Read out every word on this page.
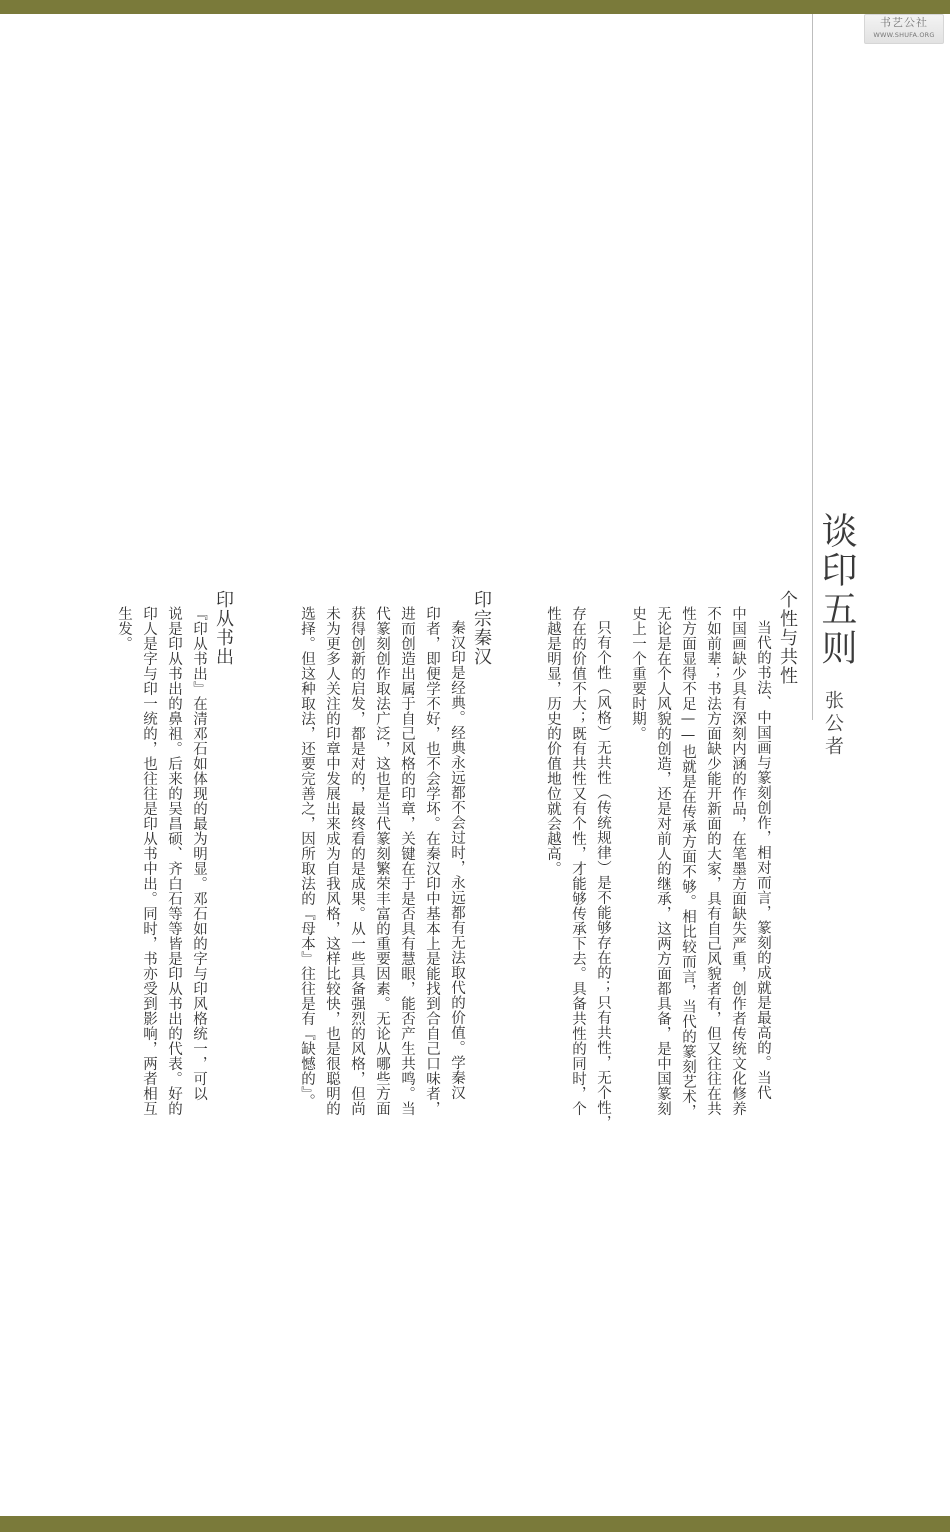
书艺公社
WWW.SHUFA.ORG
谈印五则
张公者
个性与共性

当代的书法、中国画与篆刻创作，相对而言，篆刻的成就是最高的。当代

中国画缺少具有深刻内涵的作品，在笔墨方面缺失严重，创作者传统文化修养

不如前辈；书法方面缺少能开新面的大家，具有自己风貌者有，但又往往在共

性方面显得不足——也就是在传承方面不够。相比较而言，当代的篆刻艺术，

无论是在个人风貌的创造，还是对前人的继承，这两方面都具备，是中国篆刻

史上一个重要时期。

只有个性（风格）无共性（传统规律）是不能够存在的；只有共性，无个性，

存在的价值不大；既有共性又有个性，才能够传承下去。具备共性的同时，个

性越是明显，历史的价值地位就会越高。

印宗秦汉

秦汉印是经典。经典永远都不会过时，永远都有无法取代的价值。学秦汉

印者，即便学不好，也不会学坏。在秦汉印中基本上是能找到合自己口味者，

进而创造出属于自己风格的印章，关键在于是否具有慧眼，能否产生共鸣。当

代篆刻创作取法广泛，这也是当代篆刻繁荣丰富的重要因素。无论从哪些方面

获得创新的启发，都是对的，最终看的是成果。从一些具备强烈的风格，但尚

未为更多人关注的印章中发展出来成为自我风格，这样比较快，也是很聪明的

选择。但这种取法，还要完善之，因所取法的『母本』往往是有『缺憾的』。

印从书出

『印从书出』在清邓石如体现的最为明显。邓石如的字与印风格统一，可以

说是印从书出的鼻祖。后来的吴昌硕、齐白石等等皆是印从书出的代表。好的

印人是字与印一统的，也往往是印从书中出。同时，书亦受到影响，两者相互

生发。
